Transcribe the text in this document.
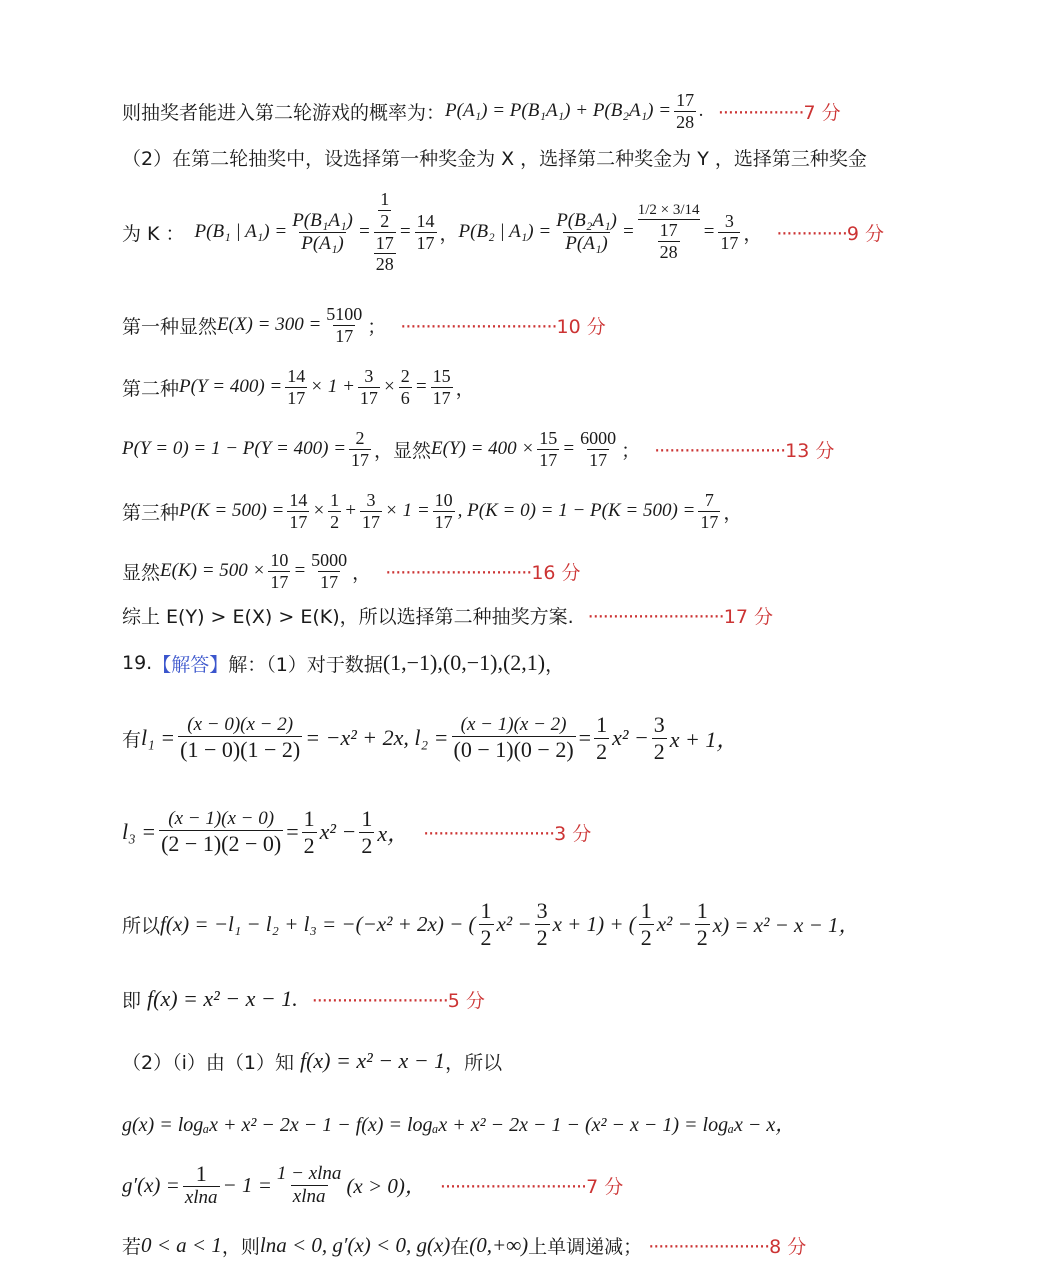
则抽奖者能进入第二轮游戏的概率为： $P(A_1) = P(B_1A_1) + P(B_2A_1) = \frac{17}{28}$ . ·················7 分
（2）在第二轮抽奖中，设选择第一种奖金为 X ，选择第二种奖金为 Y ，选择第三种奖金
为 K ： P(B₁ | $A_1) = \frac{\text{P(B₁A₁)}}{\text{P(A₁)}} = \frac{1}{2}$
$\frac{17}{28}$
= $\frac{14}{17}$ ， P(B₂ | $A_1) = \frac{\text{P(B₂A₁)}}{\text{P(A₁)}}$ =
1/2 × 3/14
$\frac{17}{28} = \frac{3}{17}$ ， ··············9 分
第一种显然 $E(X) = 300 = \frac{5100}{17}$ ； ·······························10 分
第二种 $P(Y = 400) = \frac{14}{17} \times 1 + \frac{3}{17} \times \frac{2}{6} = \frac{15}{17}$ ，
$P(Y = 0) = 1 - P(Y = 400) = \frac{2}{17}$ ，显然 $E(Y) = 400 \times \frac{15}{17} = \frac{6000}{17}$ ； ··························13 分
第三种 $P(K = 500) = \frac{14}{17} \times \frac{1}{2} + \frac{3}{17} \times 1 = \frac{10}{17}$ , $P(K = 0) = 1 - P(K = 500) = \frac{7}{17}$ ，
显然 $E(K) = 500 \times \frac{10}{17} = \frac{5000}{17}$ ， ·····························16 分
综上 E(Y) > E(X) > E(K)，所以选择第二种抽奖方案. ···························17 分
19. 【解答】 解：（1）对于数据 (1,−1),(0,−1),(2,1) ，
有 $l_1 = \frac{(x - 0)(x - 2)}{(1 - 0)(1 - 2)} = -x^2 + 2x$, $l_2 = \frac{(x - 1)(x - 2)}{(0 - 1)(0 - 2)} = \frac{1}{2} x^2 - \frac{3}{2}$ x + 1，
$l_3 = \frac{(x - 1)(x - 0)}{(2 - 1)(2 - 0)} = \frac{1}{2} x^2 - \frac{1}{2}$ x， ··························3 分
所以 f(x) = −l₁ − l₂ + l₃ = −(−x² + 2x) − ( $\frac{1}{2} x^2 - \frac{3}{2}$ x + 1) + ( $\frac{1}{2} x^2 - \frac{1}{2} x) = x^2 - x - 1$，
即 f(x) = x² − x − 1. ···························5 分
（2）（i）由（1）知 f(x) = x² − x − 1 ，所以
g(x) = logₐx + x² − 2x − 1 − f(x) = logₐx + x² − 2x − 1 − (x² − x − 1) = logₐx − x，
$g'(x) = \frac{1}{xlna} - 1 = \frac{1 - xlna}{xlna} (x > 0)$， ·····························7 分
若 0 < a < 1 ，则 lna < 0, g′(x) < 0, g(x) 在 (0,+∞) 上单调递减； ························8 分
